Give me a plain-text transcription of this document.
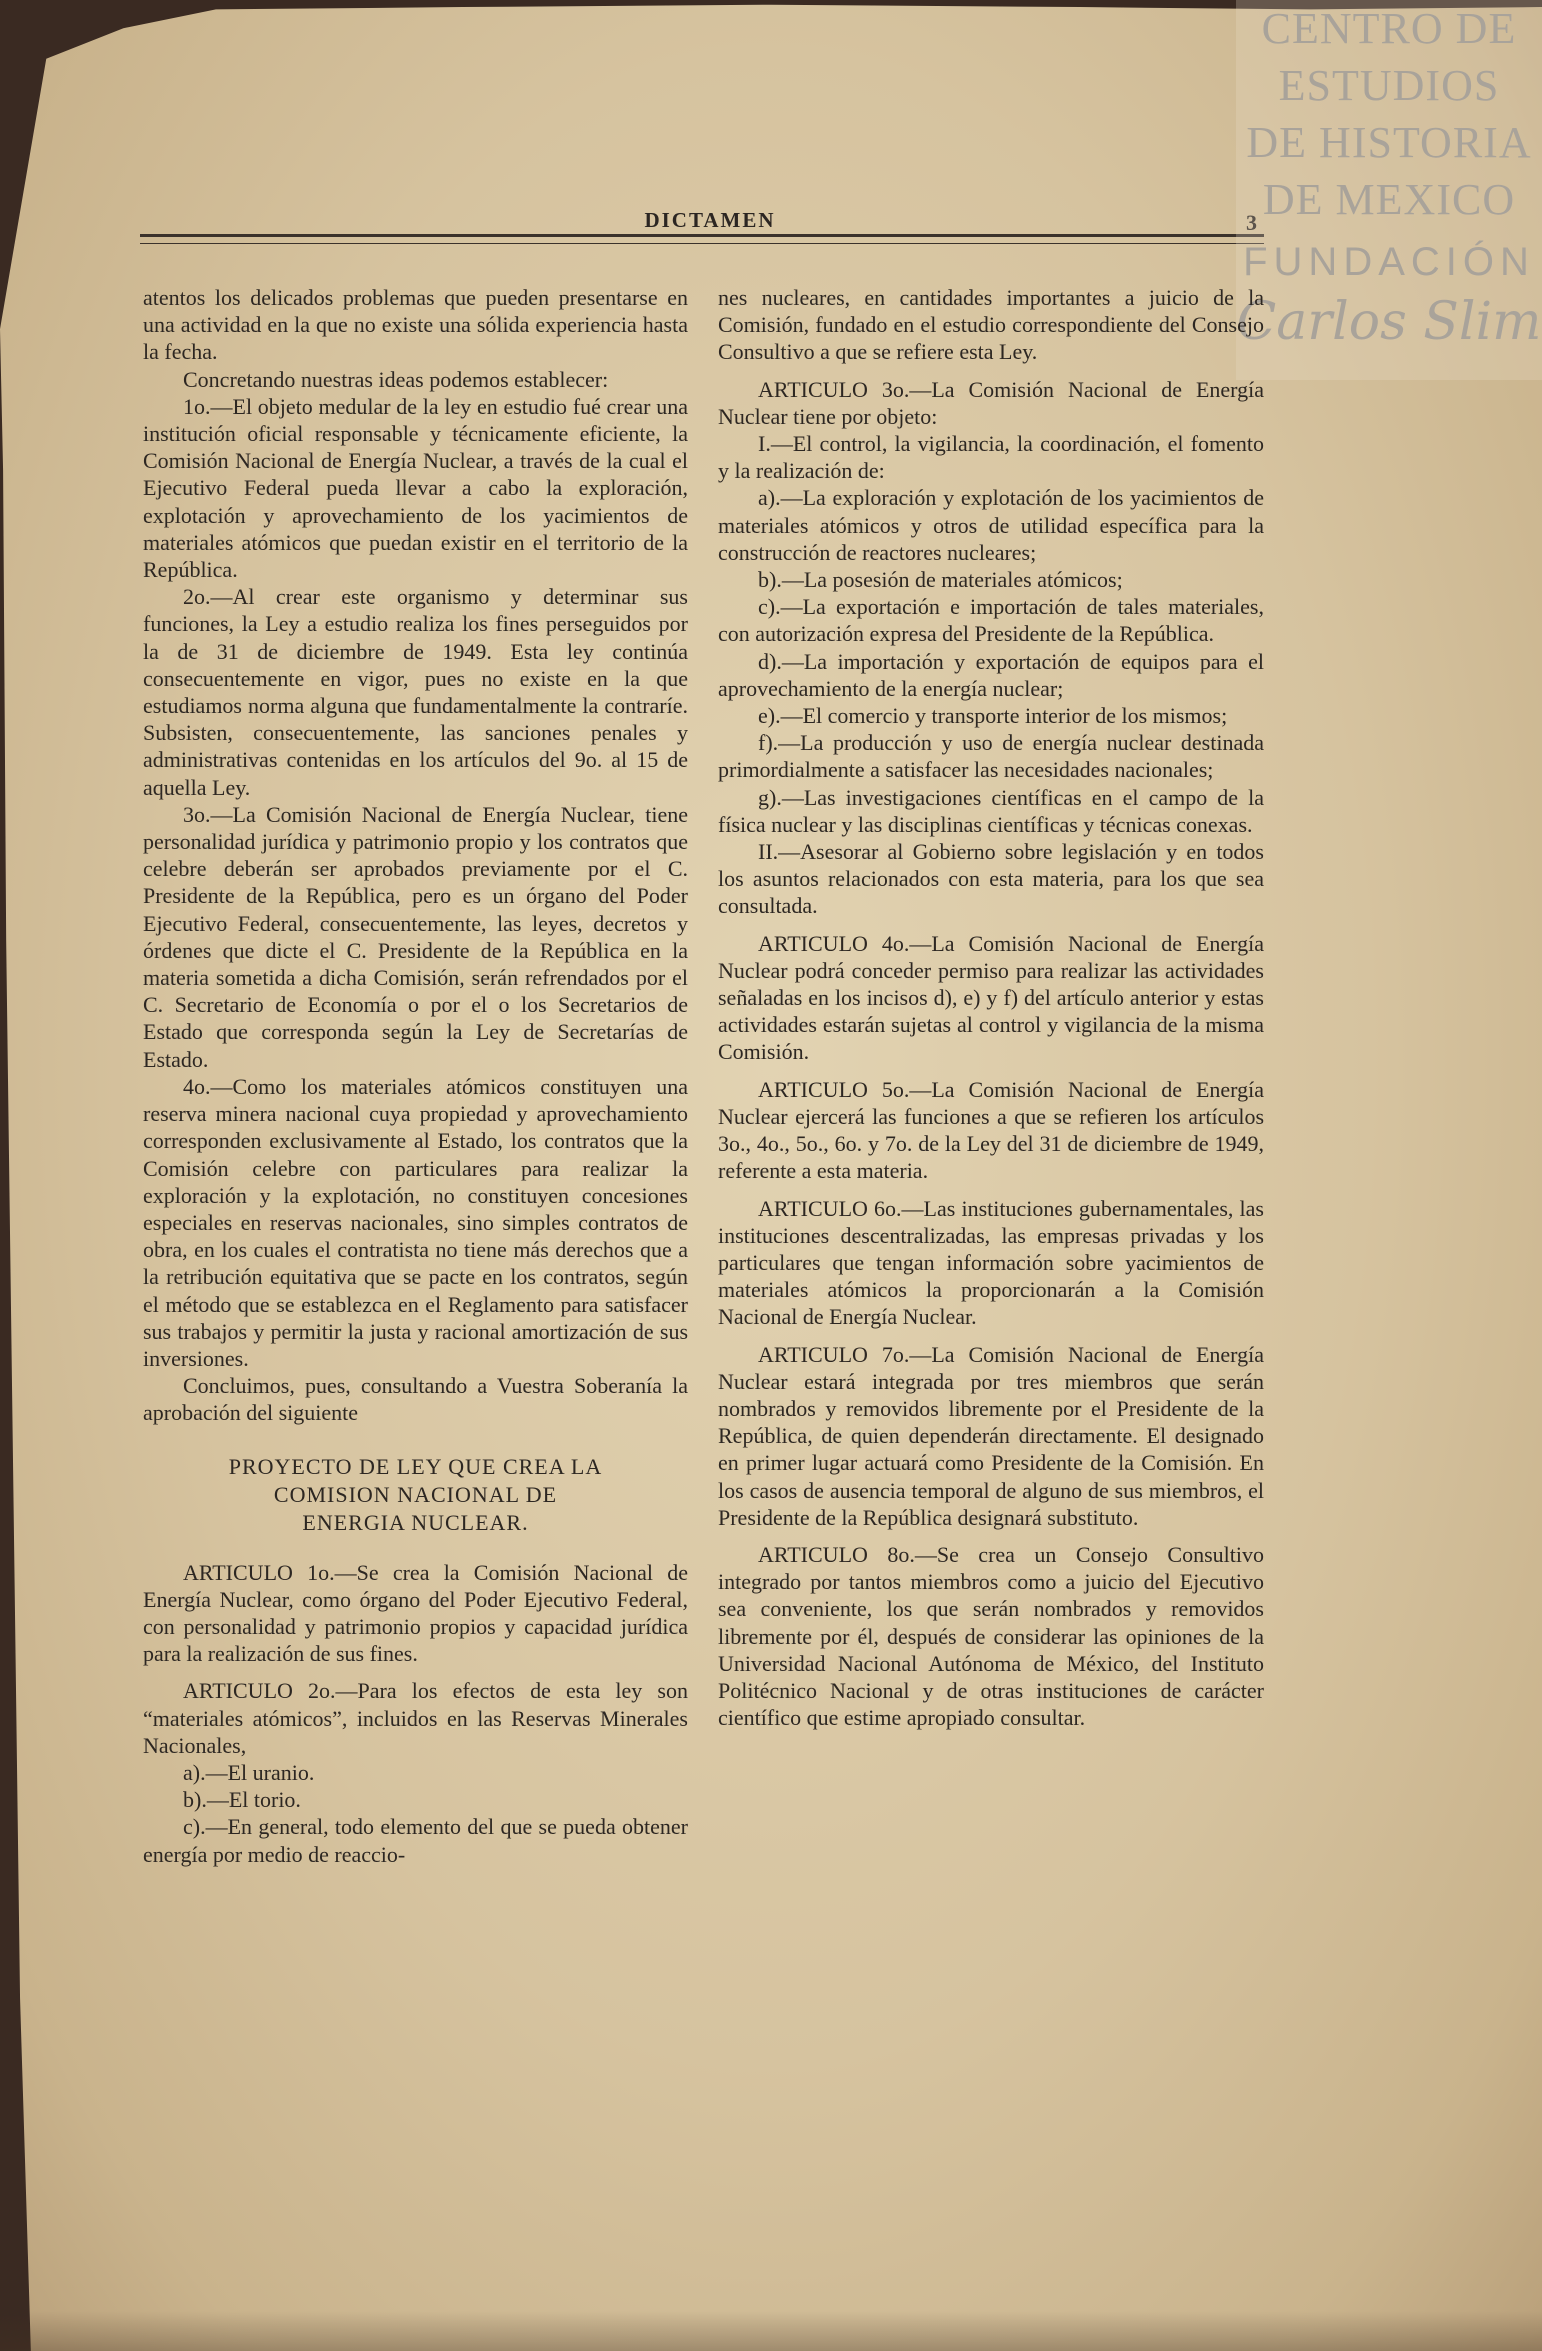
DICTAMEN	3
CENTRO DE
ESTUDIOS
DE HISTORIA
DE MEXICO
FUNDACIÓN
Carlos Slim

atentos los delicados problemas que pueden presentarse en una actividad en la que no existe una sólida experiencia hasta la fecha.

Concretando nuestras ideas podemos establecer:

1o.—El objeto medular de la ley en estudio fué crear una institución oficial responsable y técnicamente eficiente, la Comisión Nacional de Energía Nuclear, a través de la cual el Ejecutivo Federal pueda llevar a cabo la exploración, explotación y aprovechamiento de los yacimientos de materiales atómicos que puedan existir en el territorio de la República.

2o.—Al crear este organismo y determinar sus funciones, la Ley a estudio realiza los fines perseguidos por la de 31 de diciembre de 1949. Esta ley continúa consecuentemente en vigor, pues no existe en la que estudiamos norma alguna que fundamentalmente la contraríe. Subsisten, consecuentemente, las sanciones penales y administrativas contenidas en los artículos del 9o. al 15 de aquella Ley.

3o.—La Comisión Nacional de Energía Nuclear, tiene personalidad jurídica y patrimonio propio y los contratos que celebre deberán ser aprobados previamente por el C. Presidente de la República, pero es un órgano del Poder Ejecutivo Federal, consecuentemente, las leyes, decretos y órdenes que dicte el C. Presidente de la República en la materia sometida a dicha Comisión, serán refrendados por el C. Secretario de Economía o por el o los Secretarios de Estado que corresponda según la Ley de Secretarías de Estado.

4o.—Como los materiales atómicos constituyen una reserva minera nacional cuya propiedad y aprovechamiento corresponden exclusivamente al Estado, los contratos que la Comisión celebre con particulares para realizar la exploración y la explotación, no constituyen concesiones especiales en reservas nacionales, sino simples contratos de obra, en los cuales el contratista no tiene más derechos que a la retribución equitativa que se pacte en los contratos, según el método que se establezca en el Reglamento para satisfacer sus trabajos y permitir la justa y racional amortización de sus inversiones.

Concluimos, pues, consultando a Vuestra Soberanía la aprobación del siguiente

PROYECTO DE LEY QUE CREA LA
COMISION NACIONAL DE
ENERGIA NUCLEAR.

ARTICULO 1o.—Se crea la Comisión Nacional de Energía Nuclear, como órgano del Poder Ejecutivo Federal, con personalidad y patrimonio propios y capacidad jurídica para la realización de sus fines.

ARTICULO 2o.—Para los efectos de esta ley son “materiales atómicos”, incluidos en las Reservas Minerales Nacionales,

a).—El uranio.

b).—El torio.

c).—En general, todo elemento del que se pueda obtener energía por medio de reaccio-

nes nucleares, en cantidades importantes a juicio de la Comisión, fundado en el estudio correspondiente del Consejo Consultivo a que se refiere esta Ley.

ARTICULO 3o.—La Comisión Nacional de Energía Nuclear tiene por objeto:

I.—El control, la vigilancia, la coordinación, el fomento y la realización de:

a).—La exploración y explotación de los yacimientos de materiales atómicos y otros de utilidad específica para la construcción de reactores nucleares;

b).—La posesión de materiales atómicos;

c).—La exportación e importación de tales materiales, con autorización expresa del Presidente de la República.

d).—La importación y exportación de equipos para el aprovechamiento de la energía nuclear;

e).—El comercio y transporte interior de los mismos;

f).—La producción y uso de energía nuclear destinada primordialmente a satisfacer las necesidades nacionales;

g).—Las investigaciones científicas en el campo de la física nuclear y las disciplinas científicas y técnicas conexas.

II.—Asesorar al Gobierno sobre legislación y en todos los asuntos relacionados con esta materia, para los que sea consultada.

ARTICULO 4o.—La Comisión Nacional de Energía Nuclear podrá conceder permiso para realizar las actividades señaladas en los incisos d), e) y f) del artículo anterior y estas actividades estarán sujetas al control y vigilancia de la misma Comisión.

ARTICULO 5o.—La Comisión Nacional de Energía Nuclear ejercerá las funciones a que se refieren los artículos 3o., 4o., 5o., 6o. y 7o. de la Ley del 31 de diciembre de 1949, referente a esta materia.

ARTICULO 6o.—Las instituciones gubernamentales, las instituciones descentralizadas, las empresas privadas y los particulares que tengan información sobre yacimientos de materiales atómicos la proporcionarán a la Comisión Nacional de Energía Nuclear.

ARTICULO 7o.—La Comisión Nacional de Energía Nuclear estará integrada por tres miembros que serán nombrados y removidos libremente por el Presidente de la República, de quien dependerán directamente. El designado en primer lugar actuará como Presidente de la Comisión. En los casos de ausencia temporal de alguno de sus miembros, el Presidente de la República designará substituto.

ARTICULO 8o.—Se crea un Consejo Consultivo integrado por tantos miembros como a juicio del Ejecutivo sea conveniente, los que serán nombrados y removidos libremente por él, después de considerar las opiniones de la Universidad Nacional Autónoma de México, del Instituto Politécnico Nacional y de otras instituciones de carácter científico que estime apropiado consultar.
